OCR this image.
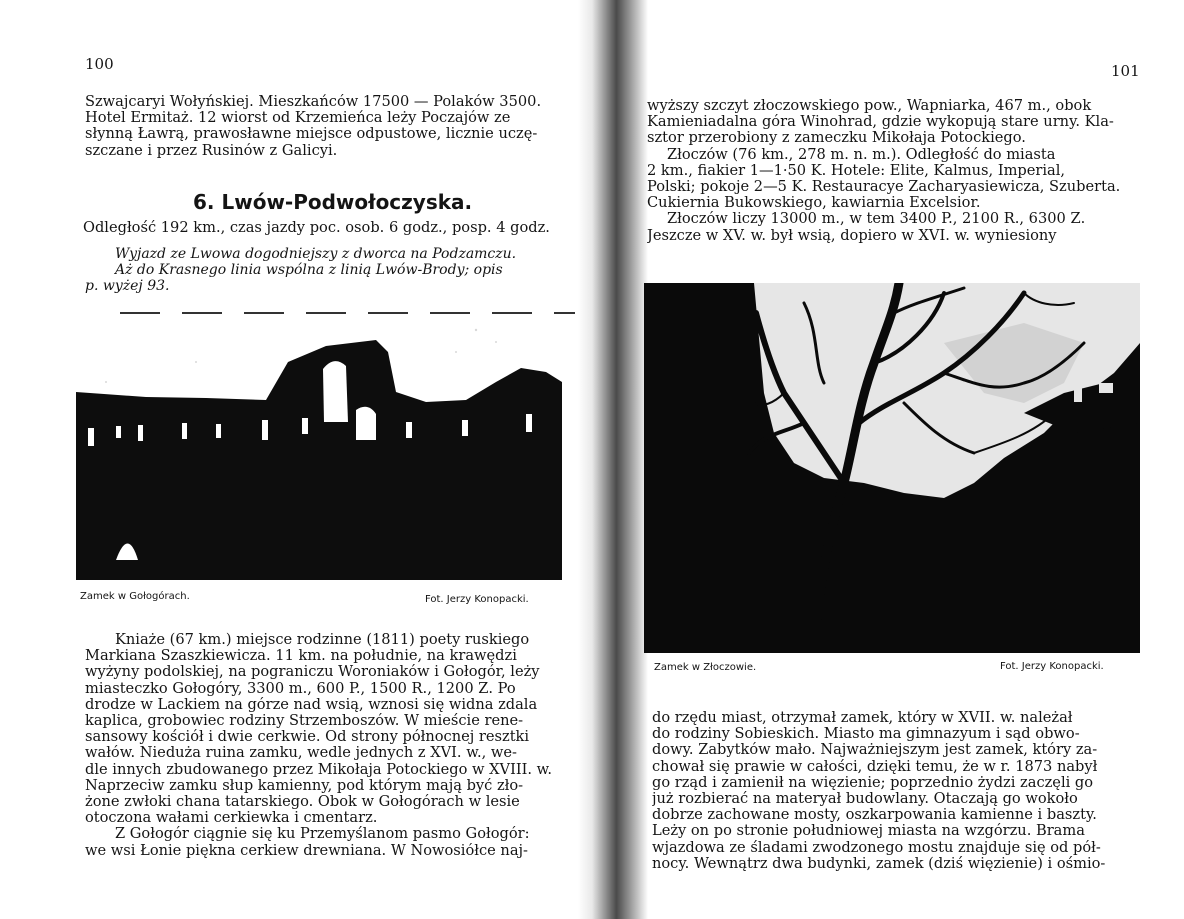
100
Szwajcaryi Wołyńskiej. Mieszkańców 17500 — Polaków 3500.
Hotel Ermitaż. 12 wiorst od Krzemieńca leży Poczajów ze
słynną Ławrą, prawosławne miejsce odpustowe, licznie uczę-
szczane i przez Rusinów z Galicyi.
6. Lwów-Podwołoczyska.
Odległość 192 km., czas jazdy poc. osob. 6 godz., posp. 4 godz.
Wyjazd ze Lwowa dogodniejszy z dworca na Podzamczu.
Aż do Krasnego linia wspólna z linią Lwów-Brody; opis
p. wyżej 93.
Zamek w Gołogórach.	Fot. Jerzy Konopacki.
Kniaże (67 km.) miejsce rodzinne (1811) poety ruskiego
Markiana Szaszkiewicza. 11 km. na południe, na krawędzi
wyżyny podolskiej, na pograniczu Woroniaków i Gołogór, leży
miasteczko Gołogóry, 3300 m., 600 P., 1500 R., 1200 Ż. Po
drodze w Lackiem na górze nad wsią, wznosi się widna zdala
kaplica, grobowiec rodziny Strzemboszów. W mieście rene-
sansowy kościół i dwie cerkwie. Od strony północnej resztki
wałów. Nieduża ruina zamku, wedle jednych z XVI. w., we-
dle innych zbudowanego przez Mikołaja Potockiego w XVIII. w.
Naprzeciw zamku słup kamienny, pod którym mają być zło-
żone zwłoki chana tatarskiego. Obok w Gołogórach w lesie
otoczona wałami cerkiewka i cmentarz.
Z Gołogór ciągnie się ku Przemyślanom pasmo Gołogór:
we wsi Łonie piękna cerkiew drewniana. W Nowosiółce naj-
101
wyższy szczyt złoczowskiego pow., Wapniarka, 467 m., obok
Kamieniadalna góra Winohrad, gdzie wykopują stare urny. Kla-
sztor przerobiony z zameczku Mikołaja Potockiego.
Złoczów (76 km., 278 m. n. m.). Odległość do miasta
2 km., fiakier 1—1·50 K. Hotele: Elite, Kalmus, Imperial,
Polski; pokoje 2—5 K. Restauracye Zacharyasiewicza, Szuberta.
Cukiernia Bukowskiego, kawiarnia Excelsior.
Złoczów liczy 13000 m., w tem 3400 P., 2100 R., 6300 Ż.
Jeszcze w XV. w. był wsią, dopiero w XVI. w. wyniesiony
Zamek w Złoczowie.	Fot. Jerzy Konopacki.
do rzędu miast, otrzymał zamek, który w XVII. w. należał
do rodziny Sobieskich. Miasto ma gimnazyum i sąd obwo-
dowy. Zabytków mało. Najważniejszym jest zamek, który za-
chował się prawie w całości, dzięki temu, że w r. 1873 nabył
go rząd i zamienił na więzienie; poprzednio żydzi zaczęli go
już rozbierać na materyał budowlany. Otaczają go wokoło
dobrze zachowane mosty, oszkarpowania kamienne i baszty.
Leży on po stronie południowej miasta na wzgórzu. Brama
wjazdowa ze śladami zwodzonego mostu znajduje się od pół-
nocy. Wewnątrz dwa budynki, zamek (dziś więzienie) i ośmio-
